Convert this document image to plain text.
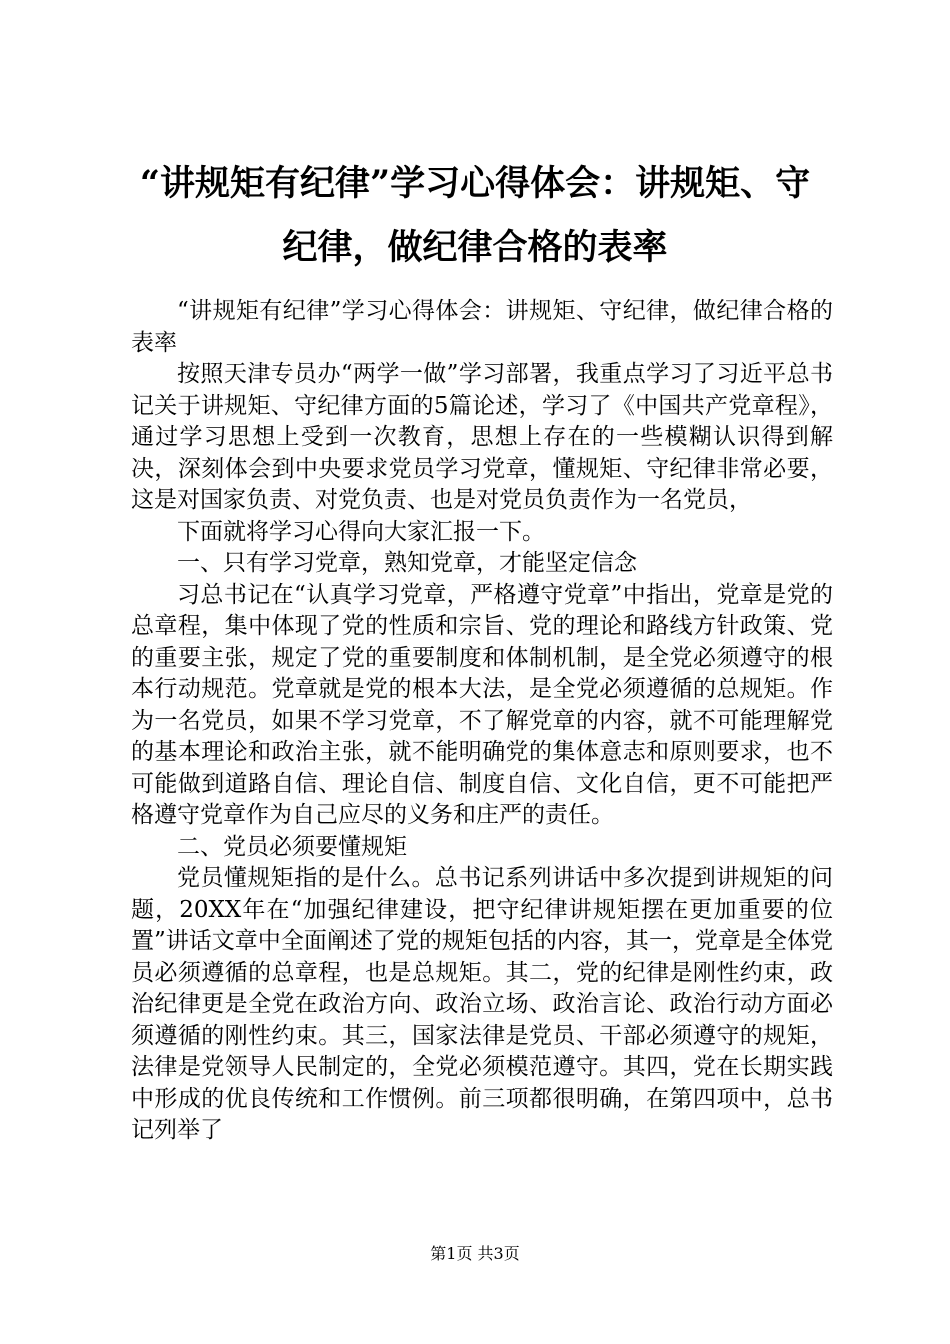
“讲规矩有纪律”学习心得体会：讲规矩、守
纪律，做纪律合格的表率

“讲规矩有纪律”学习心得体会：讲规矩、守纪律，做纪律合格的表率

按照天津专员办“两学一做”学习部署，我重点学习了习近平总书记关于讲规矩、守纪律方面的5篇论述，学习了《中国共产党章程》，通过学习思想上受到一次教育，思想上存在的一些模糊认识得到解决，深刻体会到中央要求党员学习党章，懂规矩、守纪律非常必要，这是对国家负责、对党负责、也是对党员负责作为一名党员，

下面就将学习心得向大家汇报一下。

一、只有学习党章，熟知党章，才能坚定信念

习总书记在“认真学习党章，严格遵守党章”中指出，党章是党的总章程，集中体现了党的性质和宗旨、党的理论和路线方针政策、党的重要主张，规定了党的重要制度和体制机制，是全党必须遵守的根本行动规范。党章就是党的根本大法，是全党必须遵循的总规矩。作为一名党员，如果不学习党章，不了解党章的内容，就不可能理解党的基本理论和政治主张，就不能明确党的集体意志和原则要求，也不可能做到道路自信、理论自信、制度自信、文化自信，更不可能把严格遵守党章作为自己应尽的义务和庄严的责任。

二、党员必须要懂规矩

党员懂规矩指的是什么。总书记系列讲话中多次提到讲规矩的问题，20XX年在“加强纪律建设，把守纪律讲规矩摆在更加重要的位置”讲话文章中全面阐述了党的规矩包括的内容，其一，党章是全体党员必须遵循的总章程，也是总规矩。其二，党的纪律是刚性约束，政治纪律更是全党在政治方向、政治立场、政治言论、政治行动方面必须遵循的刚性约束。其三，国家法律是党员、干部必须遵守的规矩，法律是党领导人民制定的，全党必须模范遵守。其四，党在长期实践中形成的优良传统和工作惯例。前三项都很明确，在第四项中，总书记列举了

第1页 共3页
